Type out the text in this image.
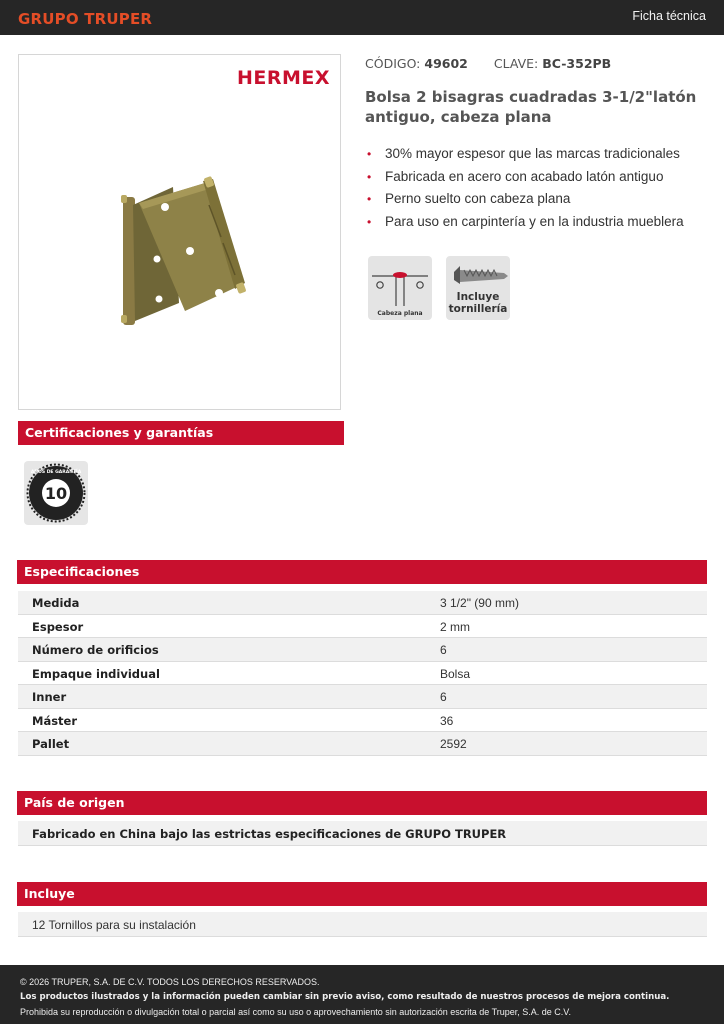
GRUPO TRUPER	Ficha técnica
HERMEX
CÓDIGO: 49602 CLAVE: BC-352PB
Bolsa 2 bisagras cuadradas 3-1/2"latón antiguo, cabeza plana
• 30% mayor espesor que las marcas tradicionales
• Fabricada en acero con acabado latón antiguo
• Perno suelto con cabeza plana
• Para uso en carpintería y en la industria mueblera
Cabeza plana
Incluye
tornillería
Certificaciones y garantías
10
AÑOS DE GARANTÍA
Especificaciones
Medida	3 1/2" (90 mm)
Espesor	2 mm
Número de orificios	6
Empaque individual	Bolsa
Inner	6
Máster	36
Pallet	2592
País de origen
Fabricado en China bajo las estrictas especificaciones de GRUPO TRUPER
Incluye
12 Tornillos para su instalación
© 2026 TRUPER, S.A. DE C.V. TODOS LOS DERECHOS RESERVADOS.
Los productos ilustrados y la información pueden cambiar sin previo aviso, como resultado de nuestros procesos de mejora continua.
Prohibida su reproducción o divulgación total o parcial así como su uso o aprovechamiento sin autorización escrita de Truper, S.A. de C.V.
